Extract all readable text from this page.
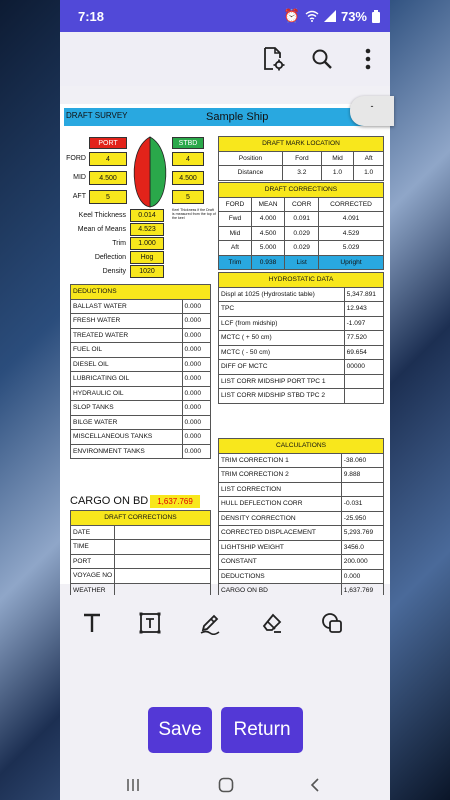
7:18	⏰	73%
DRAFT SURVEY	Sample Ship
-
PORT	STBD
FORD	4	4
MID	4.500	4.500
AFT	5	5
Keel Thickness	0.014
Keel Thickness if the Draft is measured from the top of the keel
Mean of Means	4.523
Trim	1.000
Deflection	Hog
Density	1020
DRAFT MARK LOCATION			
Position	Ford	Mid	Aft
Distance	3.2	1.0	1.0
DRAFT CORRECTIONS			
FORD	MEAN	CORR	CORRECTED
Fwd	4.000	0.091	4.091
Mid	4.500	0.029	4.529
Aft	5.000	0.029	5.029
Trim	0.938	List	Upright
HYDROSTATIC DATA	
Displ at 1025 (Hydrostatic table)	5,347.891
TPC	12.943
LCF (from midship)	-1.097
MCTC ( + 50 cm)	77.520
MCTC ( - 50 cm)	69.654
DIFF OF MCTC	00000
LIST CORR MIDSHIP PORT TPC 1	
LIST CORR MIDSHIP STBD TPC 2	
DEDUCTIONS	
BALLAST WATER	0.000
FRESH WATER	0.000
TREATED WATER	0.000
FUEL OIL	0.000
DIESEL OIL	0.000
LUBRICATING OIL	0.000
HYDRAULIC OIL	0.000
SLOP TANKS	0.000
BILGE WATER	0.000
MISCELLANEOUS TANKS	0.000
ENVIRONMENT TANKS	0.000
CARGO ON BD	1,637.769
DRAFT CORRECTIONS	
DATE	
TIME	
PORT	
VOYAGE NO	
WEATHER	
CALCULATIONS	
TRIM CORRECTION 1	-38.060
TRIM CORRECTION 2	9.888
LIST CORRECTION	
HULL DEFLECTION CORR	-0.031
DENSITY CORRECTION	-25.950
CORRECTED DISPLACEMENT	5,293.769
LIGHTSHIP WEIGHT	3456.0
CONSTANT	200.000
DEDUCTIONS	0.000
CARGO ON BD	1,637.769
Save	Return
